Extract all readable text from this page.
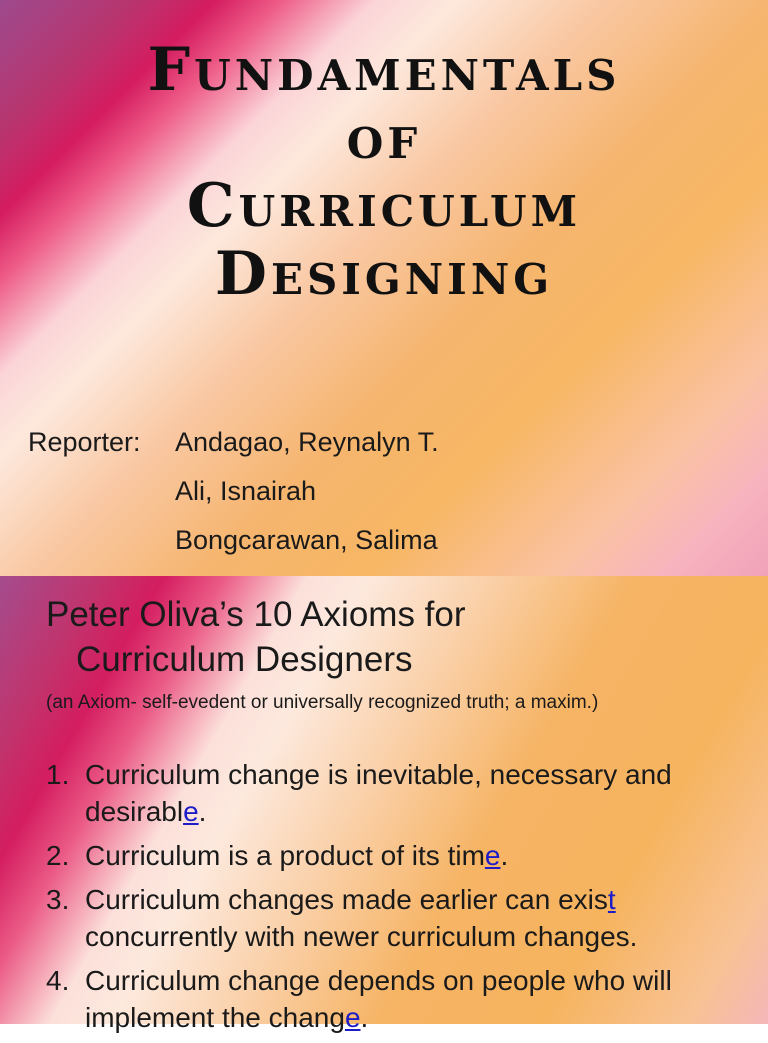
Fundamentals
of
Curriculum
Designing
Reporter:	Andagao, Reynalyn T.
Ali, Isnairah
Bongcarawan, Salima
Peter Oliva’s 10 Axioms for
Curriculum Designers
(an Axiom- self-evedent or universally recognized truth; a maxim.)
1. Curriculum change is inevitable, necessary and desirable.
2. Curriculum is a product of its time.
3. Curriculum changes made earlier can exist concurrently with newer curriculum changes.
4. Curriculum change depends on people who will implement the change.
